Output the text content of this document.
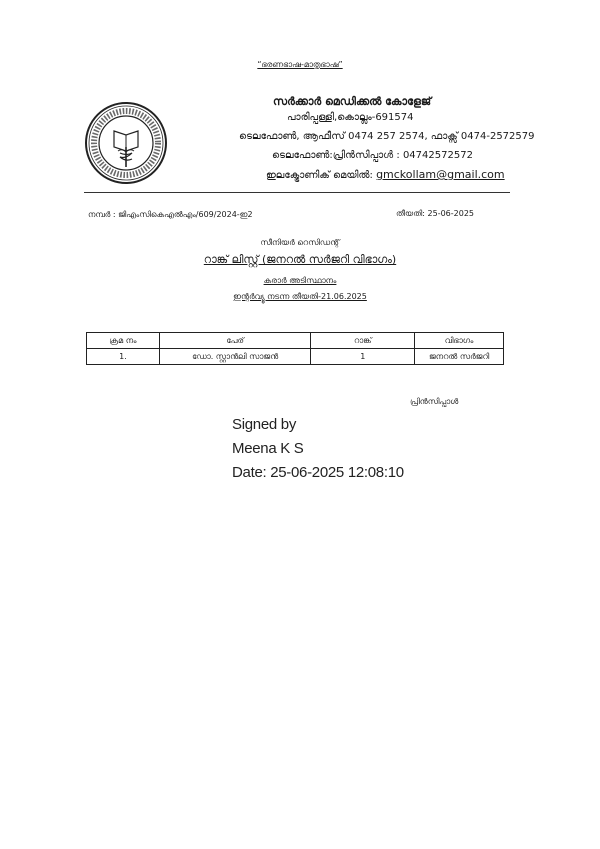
“ഭരണഭാഷ-മാതൃഭാഷ”
സർക്കാർ മെഡിക്കൽ കോളേജ്
പാരിപ്പള്ളി,കൊല്ലം-691574
ടെലഫോൺ, ആഫീസ് 0474 257 2574, ഫാക്സ് 0474-2572579
ടെലഫോൺ:പ്രിൻസിപ്പാൾ : 04742572572
ഇലക്ട്രോണിക് മെയിൽ: gmckollam@gmail.com
നമ്പർ : ജിഎംസികെഎൽഎം/609/2024-ഇ2	തീയതി: 25-06-2025
സീനിയർ റെസിഡന്റ്
റാങ്ക് ലിസ്റ്റ് (ജനറൽ സർജറി വിഭാഗം)
കരാർ അടിസ്ഥാനം
ഇന്റർവ്യൂ നടന്ന തീയതി-21.06.2025
ക്രമ നം	പേര്	റാങ്ക്	വിഭാഗം
1.	ഡോ. സ്റ്റാൻലി സാജൻ	1	ജനറൽ സർജറി
പ്രിൻസിപ്പാൾ
Signed by
Meena K S
Date: 25-06-2025 12:08:10
